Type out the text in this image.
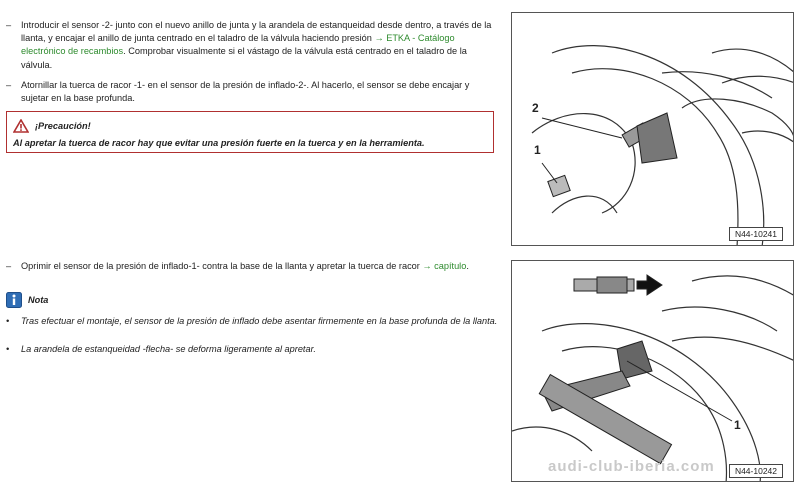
– Introducir el sensor -2- junto con el nuevo anillo de junta y la arandela de estanqueidad desde dentro, a través de la llanta, y encajar el anillo de junta centrado en el taladro de la válvula haciendo presión → ETKA - Catálogo electrónico de recambios. Comprobar visualmente si el vástago de la válvula está centrado en el taladro de la válvula.
– Atornillar la tuerca de racor -1- en el sensor de la presión de inflado-2-. Al hacerlo, el sensor se debe encajar y sujetar en la base profunda.
¡Precaución!
Al apretar la tuerca de racor hay que evitar una presión fuerte en la tuerca y en la herramienta.
– Oprimir el sensor de la presión de inflado-1- contra la base de la llanta y apretar la tuerca de racor → capítulo.
Nota
• Tras efectuar el montaje, el sensor de la presión de inflado debe asentar firmemente en la base profunda de la llanta.
• La arandela de estanqueidad -flecha- se deforma ligeramente al apretar.
2
1
N44-10241
1
N44-10242
audi-club-iberia.com
